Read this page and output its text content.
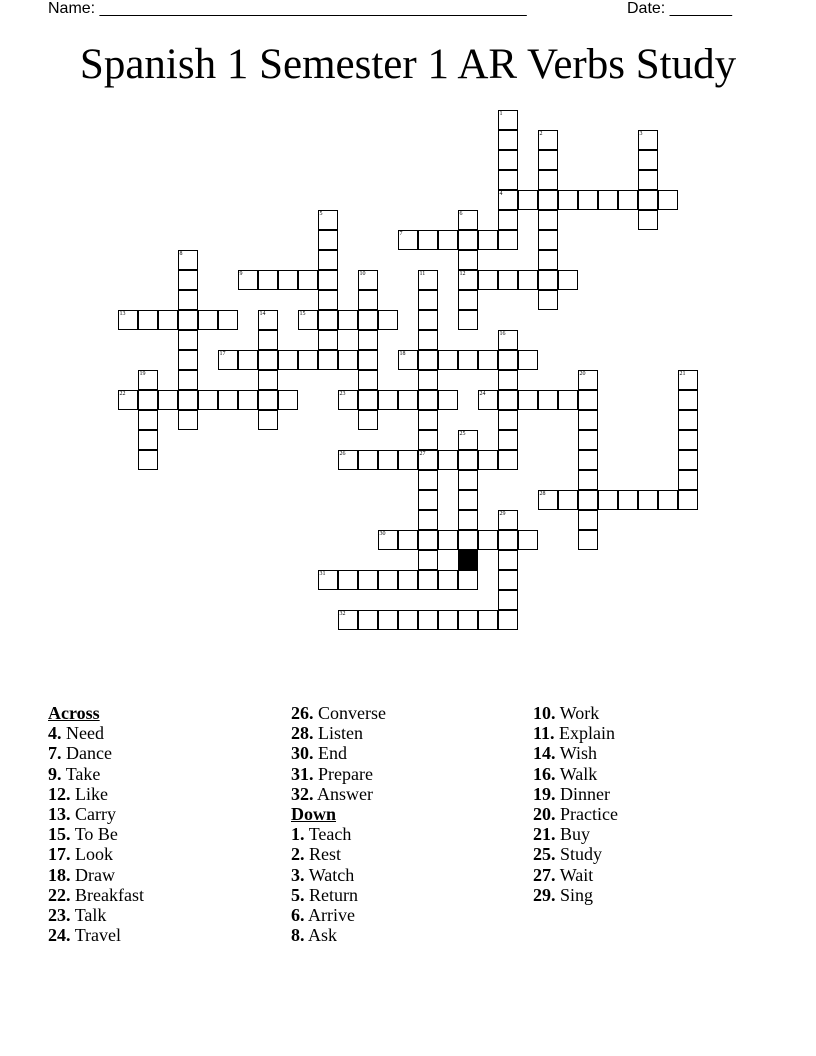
Name: ________________________________________________	Date: _______
Spanish 1 Semester 1 AR Verbs Study
1
2	3
4
5	6
7
8
9	10	11	12
13	14	15
16
17	18
19	20	21
22	23	24
25
26	27
28
29
30
31
32
Across
4. Need
7. Dance
9. Take
12. Like
13. Carry
15. To Be
17. Look
18. Draw
22. Breakfast
23. Talk
24. Travel
26. Converse
28. Listen
30. End
31. Prepare
32. Answer
Down
1. Teach
2. Rest
3. Watch
5. Return
6. Arrive
8. Ask
10. Work
11. Explain
14. Wish
16. Walk
19. Dinner
20. Practice
21. Buy
25. Study
27. Wait
29. Sing
